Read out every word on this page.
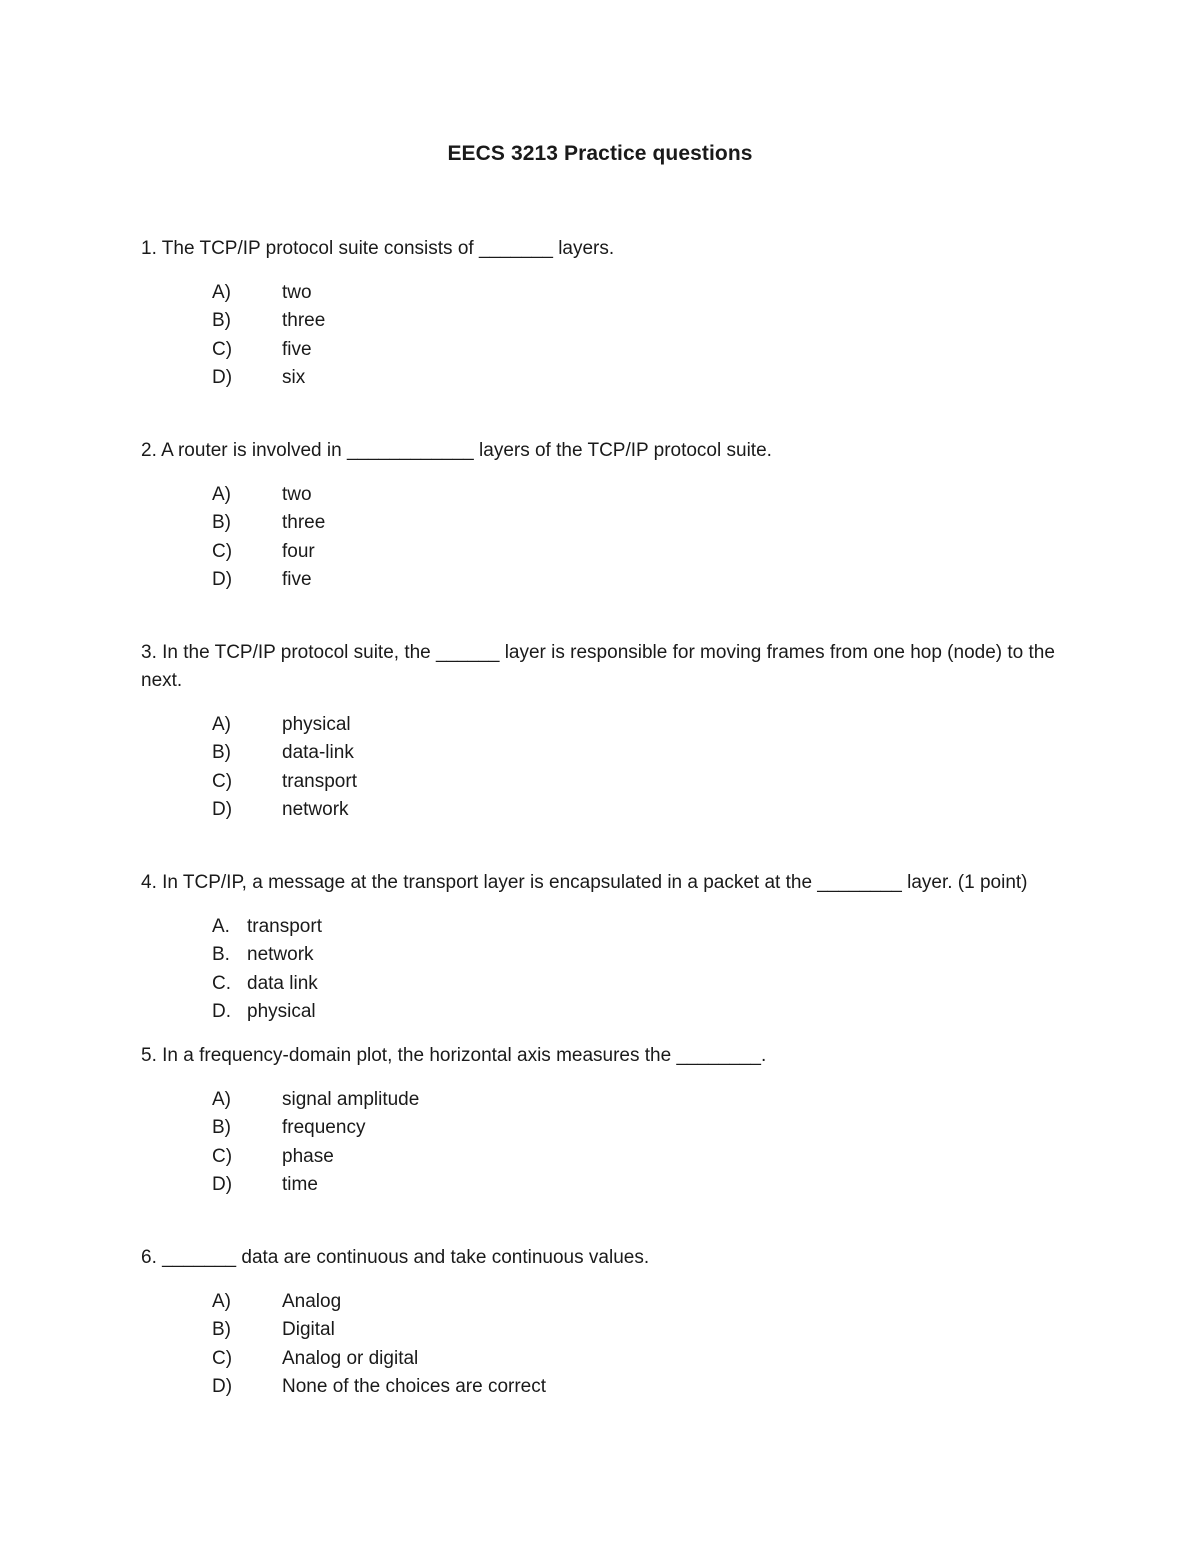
EECS 3213 Practice questions

1. The TCP/IP protocol suite consists of _______ layers.

A)	two
B)	three
C)	five
D)	six

2. A router is involved in ____________ layers of the TCP/IP protocol suite.

A)	two
B)	three
C)	four
D)	five

3. In the TCP/IP protocol suite, the ______ layer is responsible for moving frames from one hop (node) to the next.

A)	physical
B)	data-link
C)	transport
D)	network

4. In TCP/IP, a message at the transport layer is encapsulated in a packet at the ________ layer. (1 point)

A. transport
B. network
C. data link
D. physical

5. In a frequency-domain plot, the horizontal axis measures the ________.

A)	signal amplitude
B)	frequency
C)	phase
D)	time

6. _______ data are continuous and take continuous values.

A)	Analog
B)	Digital
C)	Analog or digital
D)	None of the choices are correct
